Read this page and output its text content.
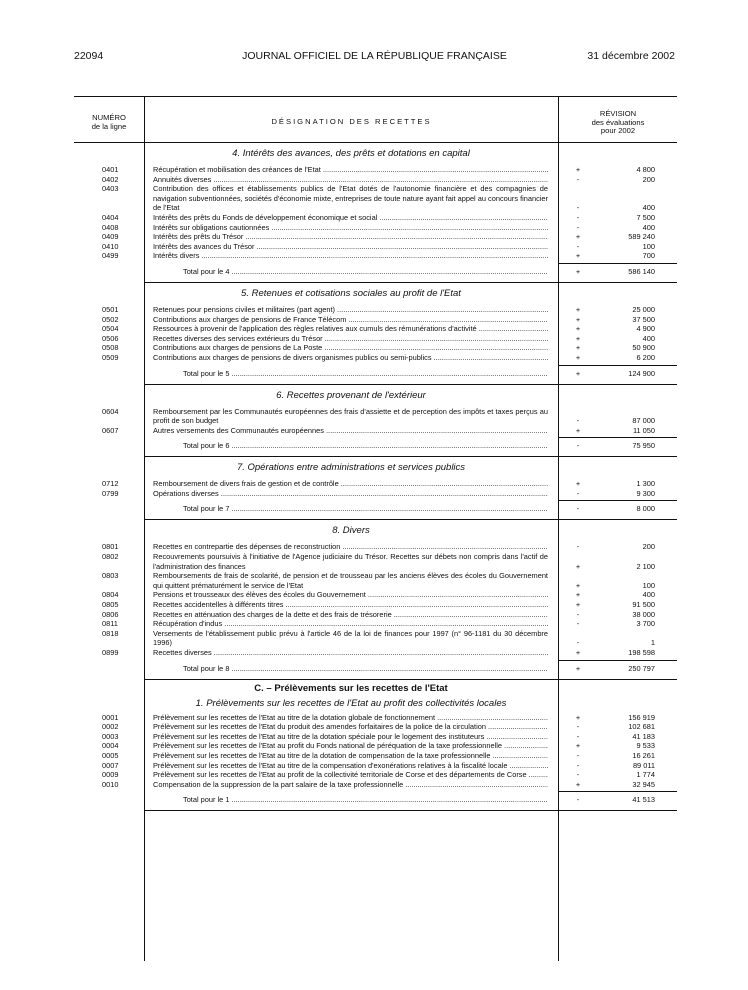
22094	JOURNAL OFFICIEL DE LA RÉPUBLIQUE FRANÇAISE	31 décembre 2002
NUMÉRO
de la ligne
DÉSIGNATION DES RECETTES
RÉVISION
des évaluations
pour 2002
4. Intérêts des avances, des prêts et dotations en capital
0401	Récupération et mobilisation des créances de l'Etat .....	+	4 800
0402	Annuités diverses .....	-	200
0403	Contribution des offices et établissements publics de l'Etat dotés de l'autonomie financière et des compagnies de navigation subventionnées, sociétés d'économie mixte, entreprises de toute nature ayant fait appel au concours financier de l'Etat	-	400
0404	Intérêts des prêts du Fonds de développement économique et social .....	-	7 500
0408	Intérêts sur obligations cautionnées .....	-	400
0409	Intérêts des prêts du Trésor .....	+	589 240
0410	Intérêts des avances du Trésor .....	-	100
0499	Intérêts divers .....	+	700
Total pour le 4 .....	+	586 140
5. Retenues et cotisations sociales au profit de l'Etat
0501	Retenues pour pensions civiles et militaires (part agent) .....	+	25 000
0502	Contributions aux charges de pensions de France Télécom .....	+	37 500
0504	Ressources à provenir de l'application des règles relatives aux cumuls des rémunérations d'activité .....	+	4 900
0506	Recettes diverses des services extérieurs du Trésor .....	+	400
0508	Contributions aux charges de pensions de La Poste .....	+	50 900
0509	Contributions aux charges de pensions de divers organismes publics ou semi-publics .....	+	6 200
Total pour le 5 .....	+	124 900
6. Recettes provenant de l'extérieur
0604	Remboursement par les Communautés européennes des frais d'assiette et de perception des impôts et taxes perçus au profit de son budget	-	87 000
0607	Autres versements des Communautés européennes .....	+	11 050
Total pour le 6 .....	-	75 950
7. Opérations entre administrations et services publics
0712	Remboursement de divers frais de gestion et de contrôle .....	+	1 300
0799	Opérations diverses .....	-	9 300
Total pour le 7 .....	-	8 000
8. Divers
0801	Recettes en contrepartie des dépenses de reconstruction .....	-	200
0802	Recouvrements poursuivis à l'initiative de l'Agence judiciaire du Trésor. Recettes sur débets non compris dans l'actif de l'administration des finances	+	2 100
0803	Remboursements de frais de scolarité, de pension et de trousseau par les anciens élèves des écoles du Gouvernement qui quittent prématurément le service de l'Etat	+	100
0804	Pensions et trousseaux des élèves des écoles du Gouvernement .....	+	400
0805	Recettes accidentelles à différents titres .....	+	91 500
0806	Recettes en atténuation des charges de la dette et des frais de trésorerie .....	-	38 000
0811	Récupération d'indus .....	-	3 700
0818	Versements de l'établissement public prévu à l'article 46 de la loi de finances pour 1997 (n° 96-1181 du 30 décembre 1996)	-	1
0899	Recettes diverses .....	+	198 598
Total pour le 8 .....	+	250 797
C. – Prélèvements sur les recettes de l'Etat
1. Prélèvements sur les recettes de l'Etat au profit des collectivités locales
0001	Prélèvement sur les recettes de l'Etat au titre de la dotation globale de fonctionnement .....	+	156 919
0002	Prélèvement sur les recettes de l'Etat du produit des amendes forfaitaires de la police de la circulation .....	-	102 681
0003	Prélèvement sur les recettes de l'Etat au titre de la dotation spéciale pour le logement des instituteurs .....	-	41 183
0004	Prélèvement sur les recettes de l'Etat au profit du Fonds national de péréquation de la taxe professionnelle .....	+	9 533
0005	Prélèvement sur les recettes de l'Etat au titre de la dotation de compensation de la taxe professionnelle .....	-	16 261
0007	Prélèvement sur les recettes de l'Etat au titre de la compensation d'exonérations relatives à la fiscalité locale .....	-	89 011
0009	Prélèvement sur les recettes de l'Etat au profit de la collectivité territoriale de Corse et des départements de Corse .....	-	1 774
0010	Compensation de la suppression de la part salaire de la taxe professionnelle .....	+	32 945
Total pour le 1 .....	-	41 513
